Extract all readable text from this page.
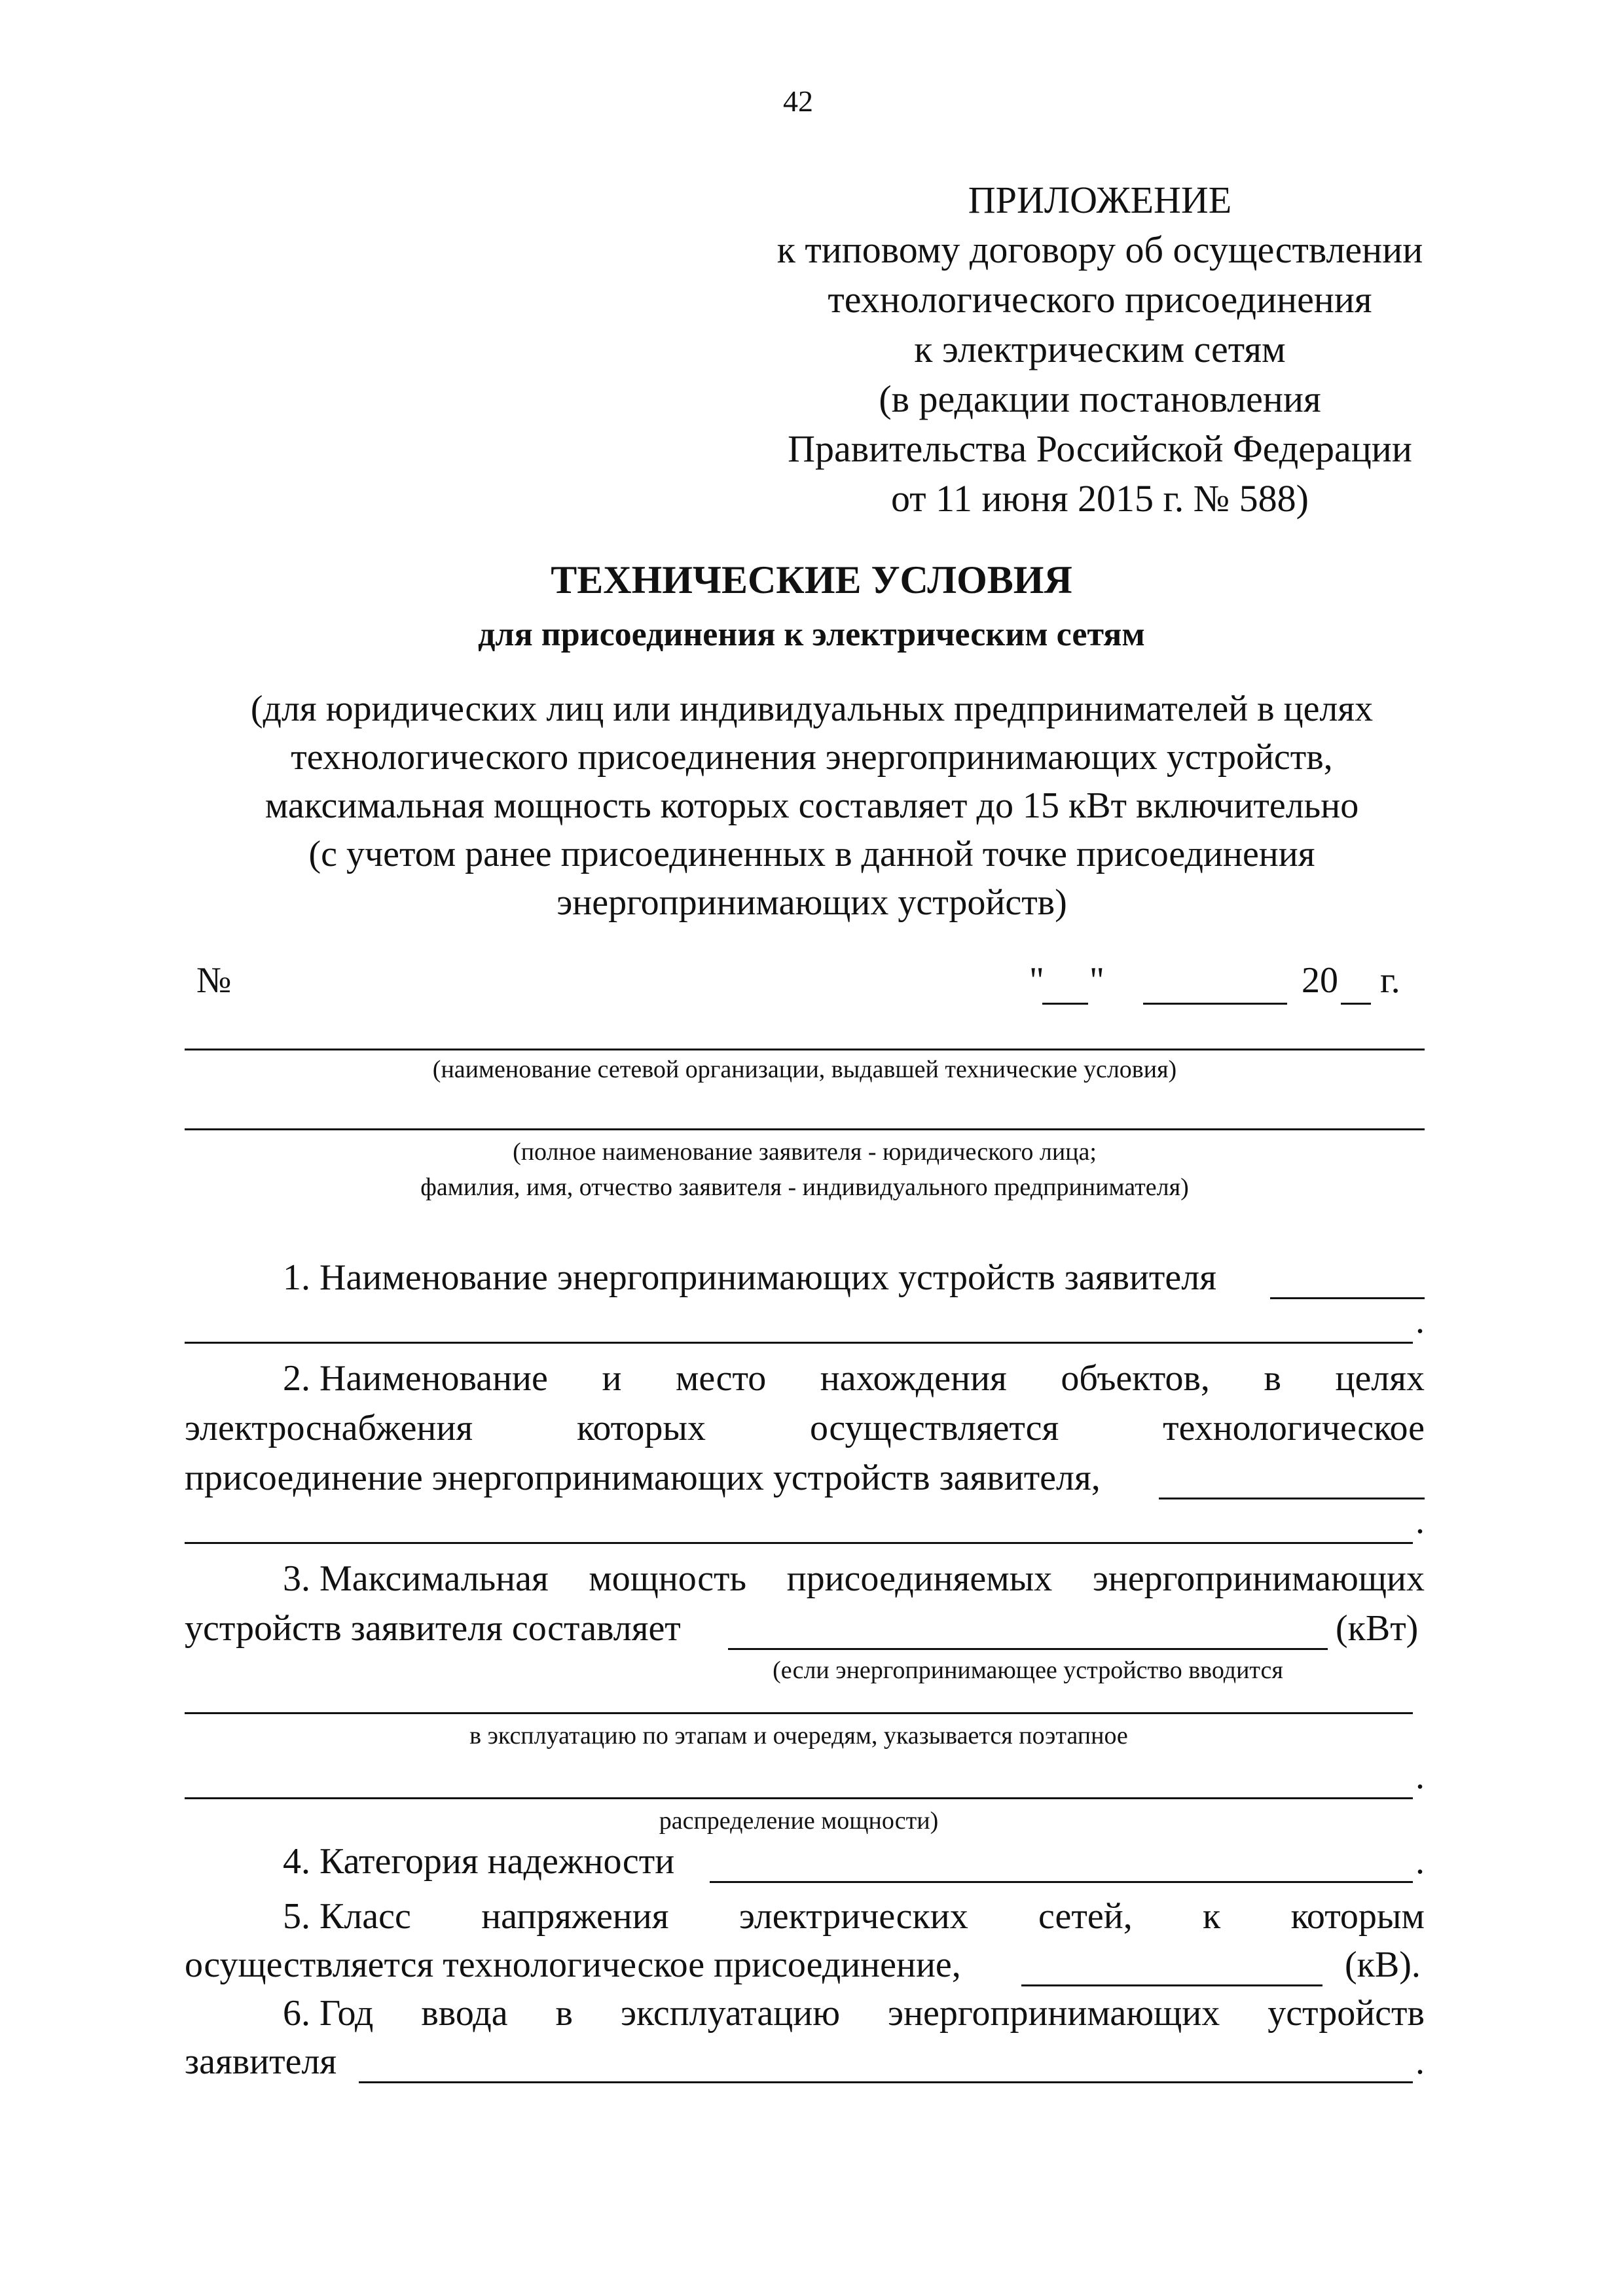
42
ПРИЛОЖЕНИЕ
к типовому договору об осуществлении
технологического присоединения
к электрическим сетям
(в редакции постановления
Правительства Российской Федерации
от 11 июня 2015 г. № 588)
ТЕХНИЧЕСКИЕ УСЛОВИЯ
для присоединения к электрическим сетям
(для юридических лиц или индивидуальных предпринимателей в целях
технологического присоединения энергопринимающих устройств,
максимальная мощность которых составляет до 15 кВт включительно
(с учетом ранее присоединенных в данной точке присоединения
энергопринимающих устройств)
№	" "	20 г.
(наименование сетевой организации, выдавшей технические условия)
(полное наименование заявителя - юридического лица;
фамилия, имя, отчество заявителя - индивидуального предпринимателя)
1. Наименование энергопринимающих устройств заявителя
.
2. Наименование и место нахождения объектов, в целях
электроснабжения	которых	осуществляется	технологическое
присоединение энергопринимающих устройств заявителя,
.
3. Максимальная мощность присоединяемых энергопринимающих
устройств заявителя составляет	(кВт)
(если энергопринимающее устройство вводится
в эксплуатацию по этапам и очередям, указывается поэтапное
.
распределение мощности)
4. Категория надежности	.
5. Класс напряжения электрических сетей, к которым
осуществляется технологическое присоединение,	(кВ).
6. Год ввода в эксплуатацию энергопринимающих устройств
заявителя	.
